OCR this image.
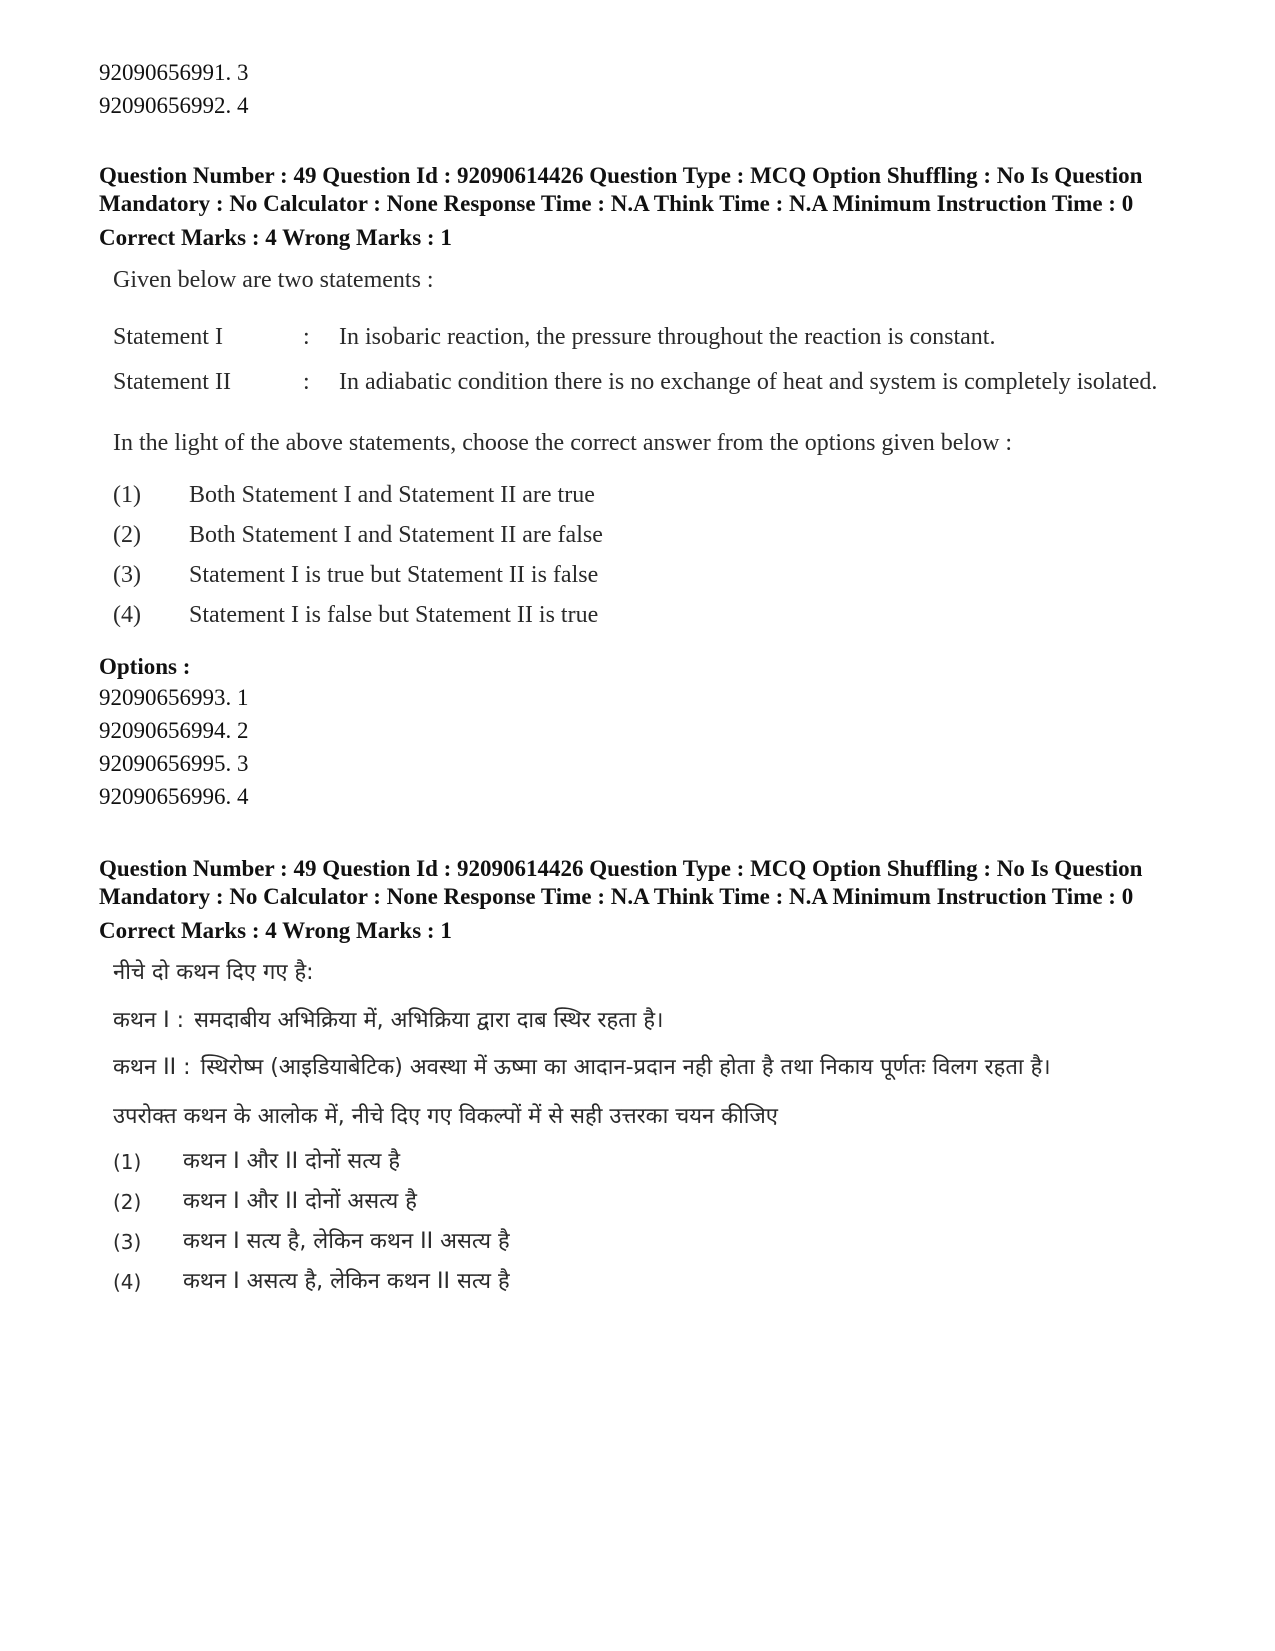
92090656991. 3
92090656992. 4
Question Number : 49 Question Id : 92090614426 Question Type : MCQ Option Shuffling : No Is Question Mandatory : No Calculator : None Response Time : N.A Think Time : N.A Minimum Instruction Time : 0
Correct Marks : 4 Wrong Marks : 1
Given below are two statements :
Statement I	:	In isobaric reaction, the pressure throughout the reaction is constant.
Statement II	:	In adiabatic condition there is no exchange of heat and system is completely isolated.
In the light of the above statements, choose the correct answer from the options given below :
(1)	Both Statement I and Statement II are true
(2)	Both Statement I and Statement II are false
(3)	Statement I is true but Statement II is false
(4)	Statement I is false but Statement II is true
Options :
92090656993. 1
92090656994. 2
92090656995. 3
92090656996. 4
Question Number : 49 Question Id : 92090614426 Question Type : MCQ Option Shuffling : No Is Question Mandatory : No Calculator : None Response Time : N.A Think Time : N.A Minimum Instruction Time : 0
Correct Marks : 4 Wrong Marks : 1
नीचे दो कथन दिए गए है:
कथन I : समदाबीय अभिक्रिया में, अभिक्रिया द्वारा दाब स्थिर रहता है।
कथन II : स्थिरोष्म (आइडियाबेटिक) अवस्था में ऊष्मा का आदान-प्रदान नही होता है तथा निकाय पूर्णतः विलग रहता है।
उपरोक्त कथन के आलोक में, नीचे दिए गए विकल्पों में से सही उत्तरका चयन कीजिए
(1)	कथन I और II दोनों सत्य है
(2)	कथन I और II दोनों असत्य है
(3)	कथन I सत्य है, लेकिन कथन II असत्य है
(4)	कथन I असत्य है, लेकिन कथन II सत्य है
